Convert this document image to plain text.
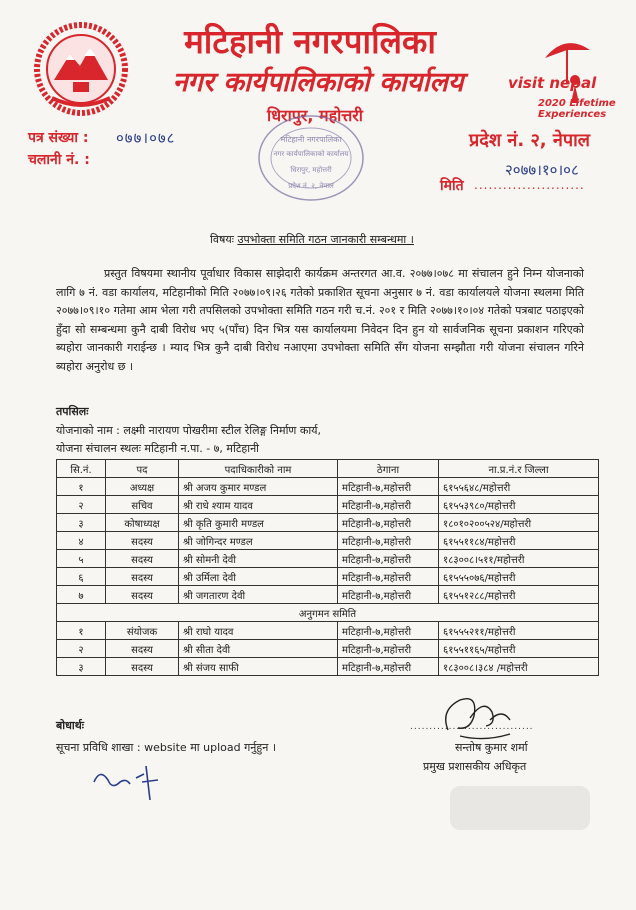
मटिहानी नगरपालिका
नगर कार्यपालिकाको कार्यालय
धिरापुर, महोत्तरी
visit nepal
2020 Lifetime Experiences
पत्र संख्या : ०७७।०७८
चलानी नं. :
प्रदेश नं. २, नेपाल
२०७७।१०।०८
मिति .......................
मटिहानी नगरपालिका
नगर कार्यपालिकाको कार्यालय
धिरापुर, महोत्तरी
प्रदेश नं. २, नेपाल
विषयः उपभोक्ता समिति गठन जानकारी सम्बन्धमा ।
प्रस्तुत विषयमा स्थानीय पूर्वाधार विकास साझेदारी कार्यक्रम अन्तरगत आ.व. २०७७।०७८ मा संचालन हुने निम्न योजनाको लागि ७ नं. वडा कार्यालय, मटिहानीको मिति २०७७।०९।२६ गतेको प्रकाशित सूचना अनुसार ७ नं. वडा कार्यालयले योजना स्थलमा मिति २०७७।०९।१० गतेमा आम भेला गरी तपसिलको उपभोक्ता समिति गठन गरी च.नं. २०१ र मिति २०७७।१०।०४ गतेको पत्रबाट पठाइएको हुँदा सो सम्बन्धमा कुनै दाबी विरोध भए ५(पाँच) दिन भित्र यस कार्यालयमा निवेदन दिन हुन यो सार्वजनिक सूचना प्रकाशन गरिएको ब्यहोरा जानकारी गराईन्छ । म्याद भित्र कुनै दाबी विरोध नआएमा उपभोक्ता समिति सँग योजना सम्झौता गरी योजना संचालन गरिने ब्यहोरा अनुरोध छ ।
तपसिलः
योजनाको नाम : लक्ष्मी नारायण पोखरीमा स्टील रेलिङ्ग निर्माण कार्य,
योजना संचालन स्थलः मटिहानी न.पा. - ७, मटिहानी
सि.नं.	पद	पदाधिकारीको नाम	ठेगाना	ना.प्र.नं.र जिल्ला
१	अध्यक्ष	श्री अजय कुमार मण्डल	मटिहानी-७,महोत्तरी	६१५५६४८/महोत्तरी
२	सचिव	श्री राधे श्याम यादव	मटिहानी-७,महोत्तरी	६१५५३९८०/महोत्तरी
३	कोषाध्यक्ष	श्री कृति कुमारी मण्डल	मटिहानी-७,महोत्तरी	१८०१०२००५२४/महोत्तरी
४	सदस्य	श्री जोगिन्दर मण्डल	मटिहानी-७,महोत्तरी	६१५५११८४/महोत्तरी
५	सदस्य	श्री सोमनी देवी	मटिहानी-७,महोत्तरी	१८३००८।५११/महोत्तरी
६	सदस्य	श्री उर्मिला देवी	मटिहानी-७,महोत्तरी	६१५५५०७६/महोत्तरी
७	सदस्य	श्री जगतारण देवी	मटिहानी-७,महोत्तरी	६१५५१२८८/महोत्तरी
अनुगमन समिति				
१	संयोजक	श्री राघो यादव	मटिहानी-७,महोत्तरी	६१५५५२११/महोत्तरी
२	सदस्य	श्री सीता देवी	मटिहानी-७,महोत्तरी	६१५५११६५/महोत्तरी
३	सदस्य	श्री संजय साफी	मटिहानी-७,महोत्तरी	१८३००८।३८४ /महोत्तरी
बोधार्थः
सूचना प्रविधि शाखा : website मा upload गर्नुहुन ।
................................
सन्तोष कुमार शर्मा
प्रमुख प्रशासकीय अधिकृत
